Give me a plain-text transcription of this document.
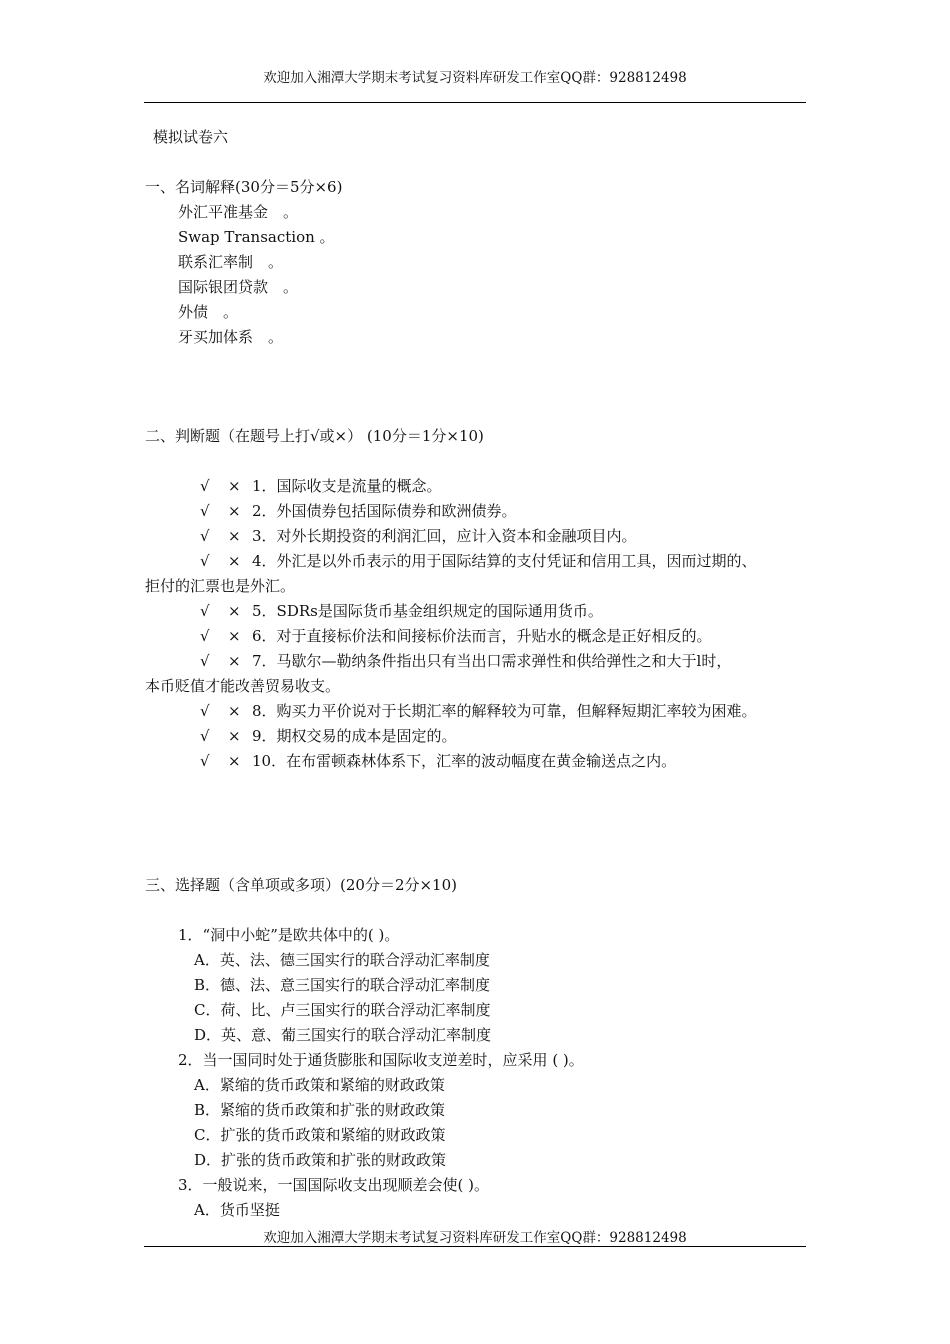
欢迎加入湘潭大学期末考试复习资料库研发工作室QQ群：928812498
模拟试卷六
一、名词解释(30分＝5分×6)
外汇平准基金　。
Swap Transaction 。
联系汇率制　。
国际银团贷款　。
外债　。
牙买加体系　。
二、判断题（在题号上打√或×） (10分＝1分×10)
√ × 1．国际收支是流量的概念。
√ × 2．外国债券包括国际债券和欧洲债券。
√ × 3．对外长期投资的利润汇回，应计入资本和金融项目内。
√ × 4．外汇是以外币表示的用于国际结算的支付凭证和信用工具，因而过期的、
拒付的汇票也是外汇。
√ × 5．SDRs是国际货币基金组织规定的国际通用货币。
√ × 6．对于直接标价法和间接标价法而言，升贴水的概念是正好相反的。
√ × 7．马歇尔—勒纳条件指出只有当出口需求弹性和供给弹性之和大于l时，
本币贬值才能改善贸易收支。
√ × 8．购买力平价说对于长期汇率的解释较为可靠，但解释短期汇率较为困难。
√ × 9．期权交易的成本是固定的。
√ × 10．在布雷顿森林体系下，汇率的波动幅度在黄金输送点之内。
三、选择题（含单项或多项）(20分＝2分×10)
1．“洞中小蛇”是欧共体中的( )。
A．英、法、德三国实行的联合浮动汇率制度
B．德、法、意三国实行的联合浮动汇率制度
C．荷、比、卢三国实行的联合浮动汇率制度
D．英、意、葡三国实行的联合浮动汇率制度
2．当一国同时处于通货膨胀和国际收支逆差时，应采用 ( )。
A．紧缩的货币政策和紧缩的财政政策
B．紧缩的货币政策和扩张的财政政策
C．扩张的货币政策和紧缩的财政政策
D．扩张的货币政策和扩张的财政政策
3．一般说来，一国国际收支出现顺差会使( )。
A．货币坚挺
欢迎加入湘潭大学期末考试复习资料库研发工作室QQ群：928812498
